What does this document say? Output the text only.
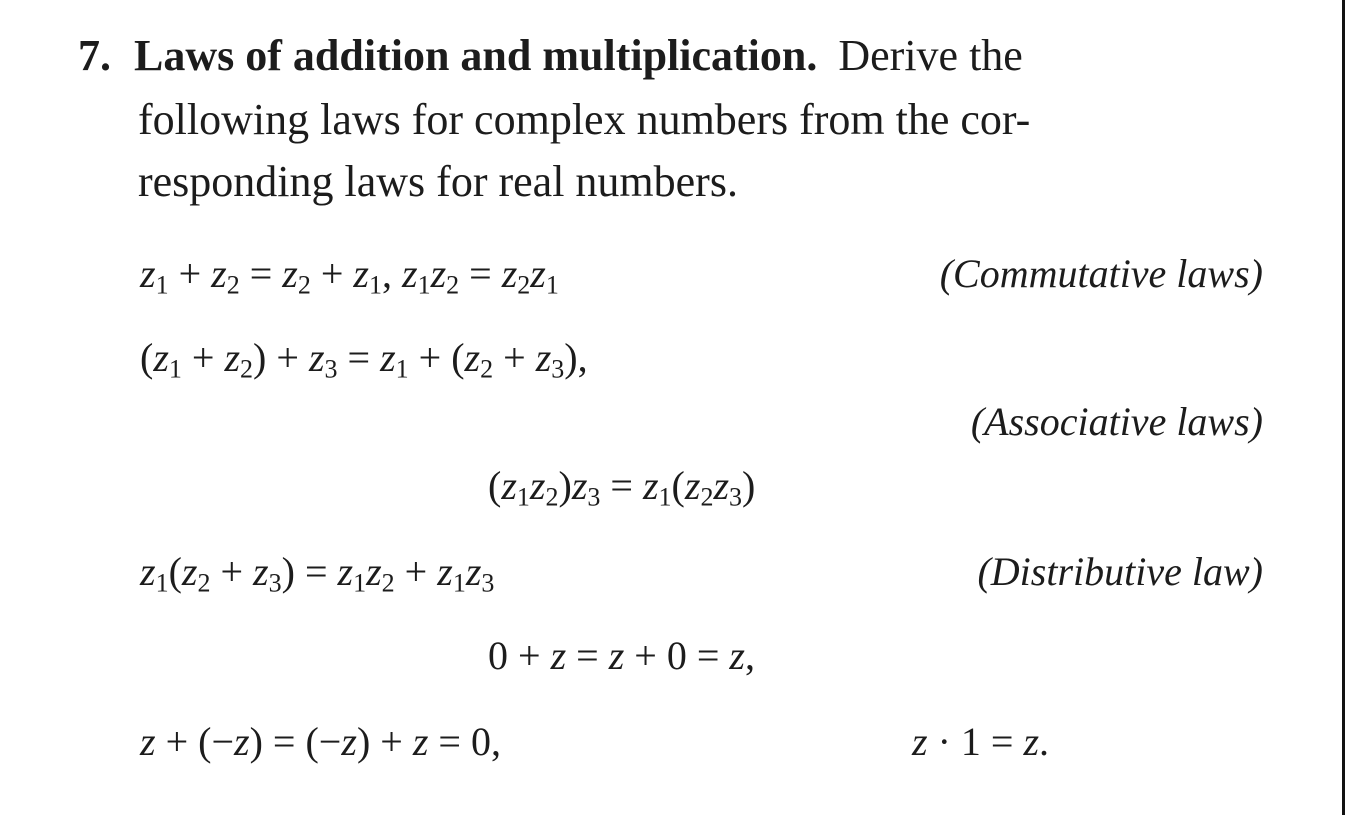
7. Laws of addition and multiplication. Derive the
following laws for complex numbers from the cor-
responding laws for real numbers.
$z_1 + z_2 = z_2 + z_1$, $z_1z_2 = z_2z_1$	(Commutative laws)
$(z_1 + z_2) + z_3 = z_1 + (z_2 + z_3)$,
(Associative laws)
$(z_1z_2)z_3 = z_1(z_2z_3)$
$z_1(z_2 + z_3) = z_1z_2 + z_1z_3$	(Distributive law)
0 + z = z + 0 = z,
z + (−z) = (−z) + z = 0,	z · 1 = z.
